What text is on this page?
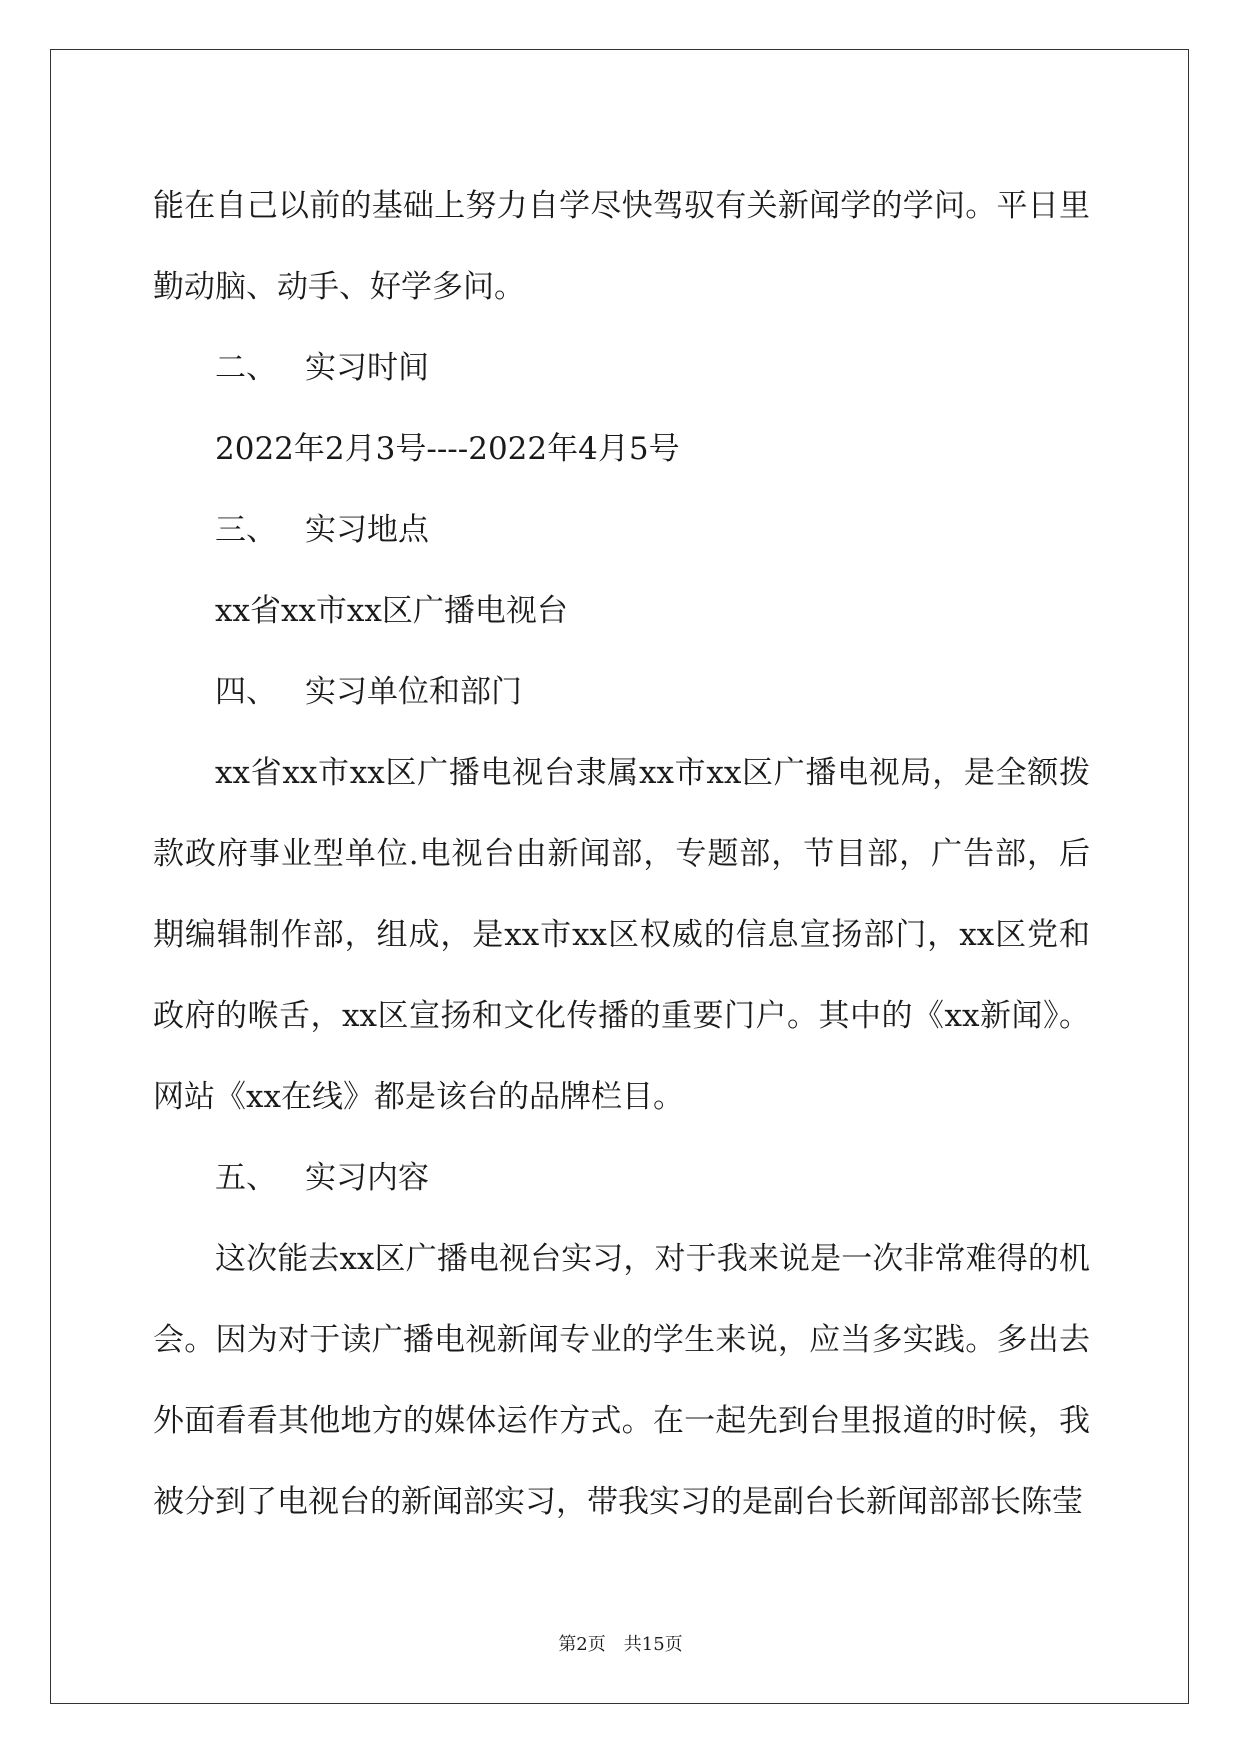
能在自己以前的基础上努力自学尽快驾驭有关新闻学的学问。平日里勤动脑、动手、好学多问。

二、 实习时间

2022年2月3号----2022年4月5号

三、 实习地点

xx省xx市xx区广播电视台

四、 实习单位和部门

xx省xx市xx区广播电视台隶属xx市xx区广播电视局，是全额拨款政府事业型单位.电视台由新闻部，专题部，节目部，广告部，后期编辑制作部，组成，是xx市xx区权威的信息宣扬部门，xx区党和政府的喉舌，xx区宣扬和文化传播的重要门户。其中的《xx新闻》。网站《xx在线》都是该台的品牌栏目。

五、 实习内容

这次能去xx区广播电视台实习，对于我来说是一次非常难得的机会。因为对于读广播电视新闻专业的学生来说，应当多实践。多出去外面看看其他地方的媒体运作方式。在一起先到台里报道的时候，我被分到了电视台的新闻部实习，带我实习的是副台长新闻部部长陈莹

第2页 共15页
